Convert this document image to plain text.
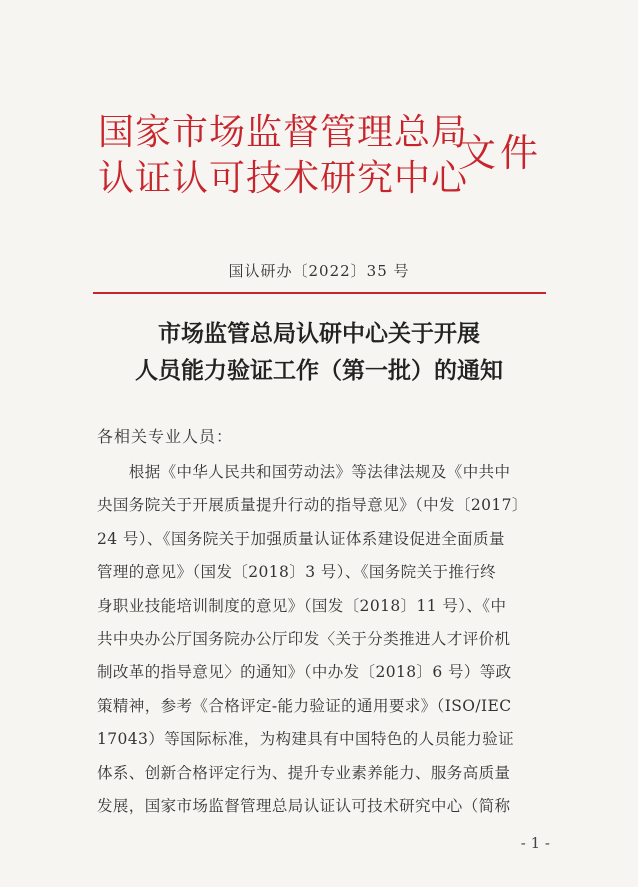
国家市场监督管理总局
认证认可技术研究中心
文件
国认研办〔2022〕35 号
市场监管总局认研中心关于开展
人员能力验证工作（第一批）的通知
各相关专业人员：
　　根据《中华人民共和国劳动法》等法律法规及《中共中
央国务院关于开展质量提升行动的指导意见》（中发〔2017〕
24 号）、《国务院关于加强质量认证体系建设促进全面质量
管理的意见》（国发〔2018〕3 号）、《国务院关于推行终
身职业技能培训制度的意见》（国发〔2018〕11 号）、《中
共中央办公厅国务院办公厅印发〈关于分类推进人才评价机
制改革的指导意见〉的通知》（中办发〔2018〕6 号）等政
策精神，参考《合格评定-能力验证的通用要求》（ISO/IEC
17043）等国际标准，为构建具有中国特色的人员能力验证
体系、创新合格评定行为、提升专业素养能力、服务高质量
发展，国家市场监督管理总局认证认可技术研究中心（简称
- 1 -
